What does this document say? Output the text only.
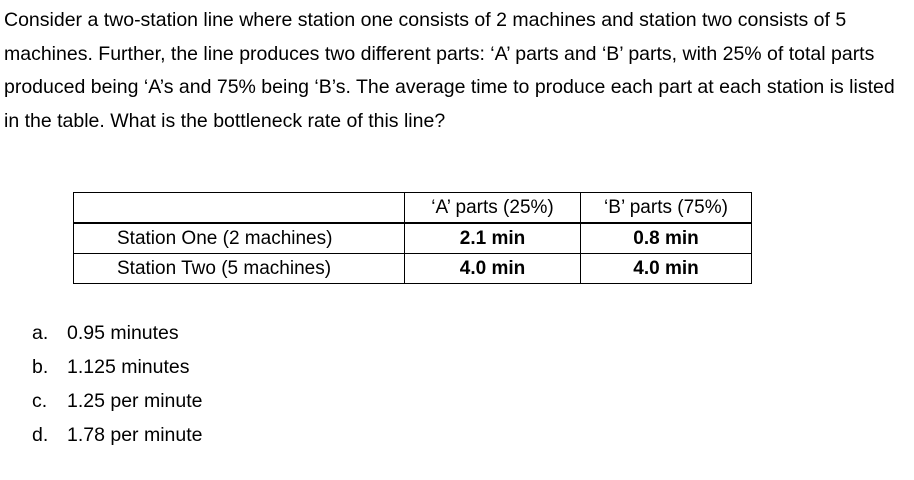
Consider a two-station line where station one consists of 2 machines and station two consists of 5 machines. Further, the line produces two different parts: ‘A’ parts and ‘B’ parts, with 25% of total parts produced being ‘A’s and 75% being ‘B’s. The average time to produce each part at each station is listed in the table. What is the bottleneck rate of this line?

	‘A’ parts (25%)	‘B’ parts (75%)
Station One (2 machines)	2.1 min	0.8 min
Station Two (5 machines)	4.0 min	4.0 min
a. 0.95 minutes
b. 1.125 minutes
c.	1.25 per minute
d. 1.78 per minute
